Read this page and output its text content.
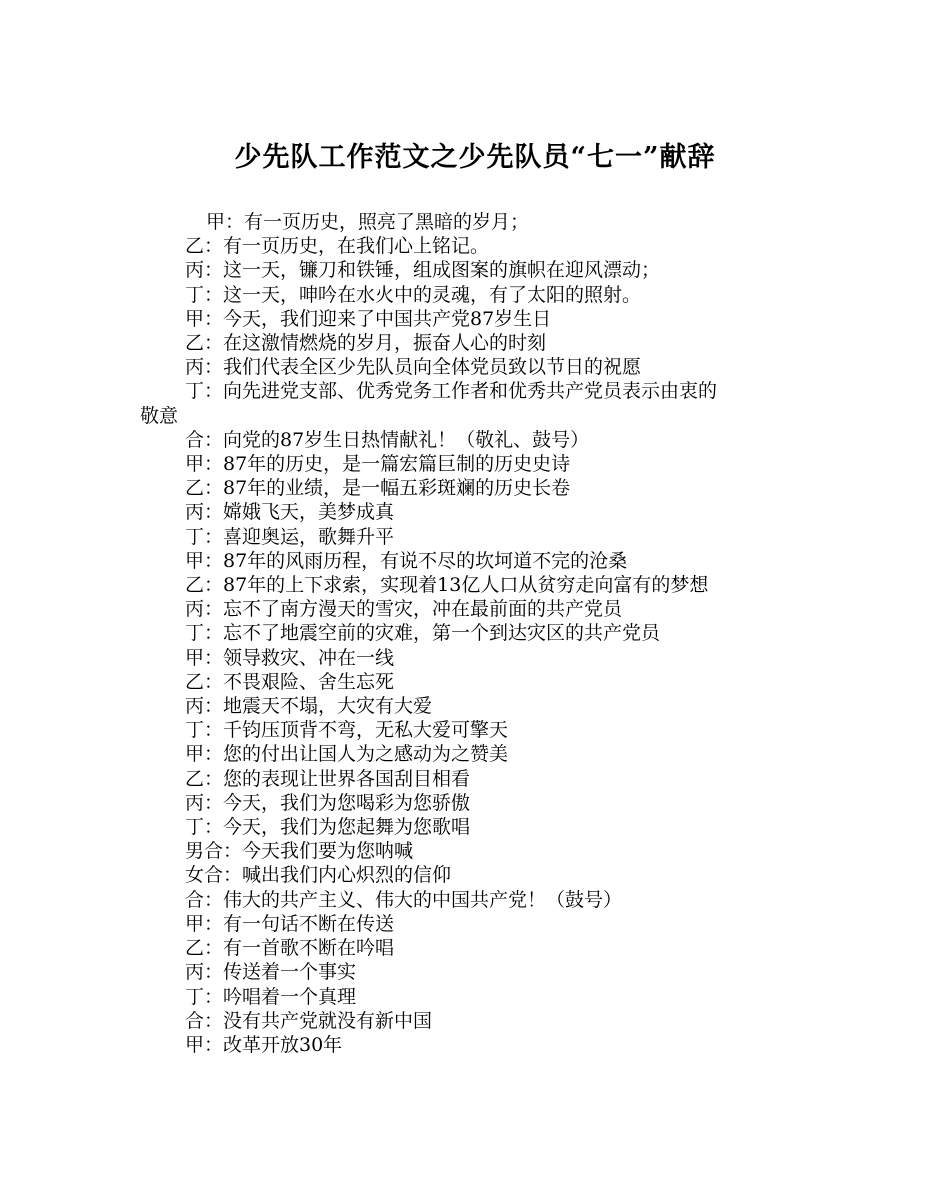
少先队工作范文之少先队员“七一”献辞

甲：有一页历史，照亮了黑暗的岁月；

乙：有一页历史，在我们心上铭记。

丙：这一天，镰刀和铁锤，组成图案的旗帜在迎风漂动；

丁：这一天，呻吟在水火中的灵魂，有了太阳的照射。

甲：今天，我们迎来了中国共产党87岁生日

乙：在这激情燃烧的岁月，振奋人心的时刻

丙：我们代表全区少先队员向全体党员致以节日的祝愿

丁：向先进党支部、优秀党务工作者和优秀共产党员表示由衷的

敬意

合：向党的87岁生日热情献礼！（敬礼、鼓号）

甲：87年的历史，是一篇宏篇巨制的历史史诗

乙：87年的业绩，是一幅五彩斑斓的历史长卷

丙：嫦娥飞天，美梦成真

丁：喜迎奥运，歌舞升平

甲：87年的风雨历程，有说不尽的坎坷道不完的沧桑

乙：87年的上下求索，实现着13亿人口从贫穷走向富有的梦想

丙：忘不了南方漫天的雪灾，冲在最前面的共产党员

丁：忘不了地震空前的灾难，第一个到达灾区的共产党员

甲：领导救灾、冲在一线

乙：不畏艰险、舍生忘死

丙：地震天不塌，大灾有大爱

丁：千钧压顶背不弯，无私大爱可擎天

甲：您的付出让国人为之感动为之赞美

乙：您的表现让世界各国刮目相看

丙：今天，我们为您喝彩为您骄傲

丁：今天，我们为您起舞为您歌唱

男合：今天我们要为您呐喊

女合：喊出我们内心炽烈的信仰

合：伟大的共产主义、伟大的中国共产党！（鼓号）

甲：有一句话不断在传送

乙：有一首歌不断在吟唱

丙：传送着一个事实

丁：吟唱着一个真理

合：没有共产党就没有新中国

甲：改革开放30年
